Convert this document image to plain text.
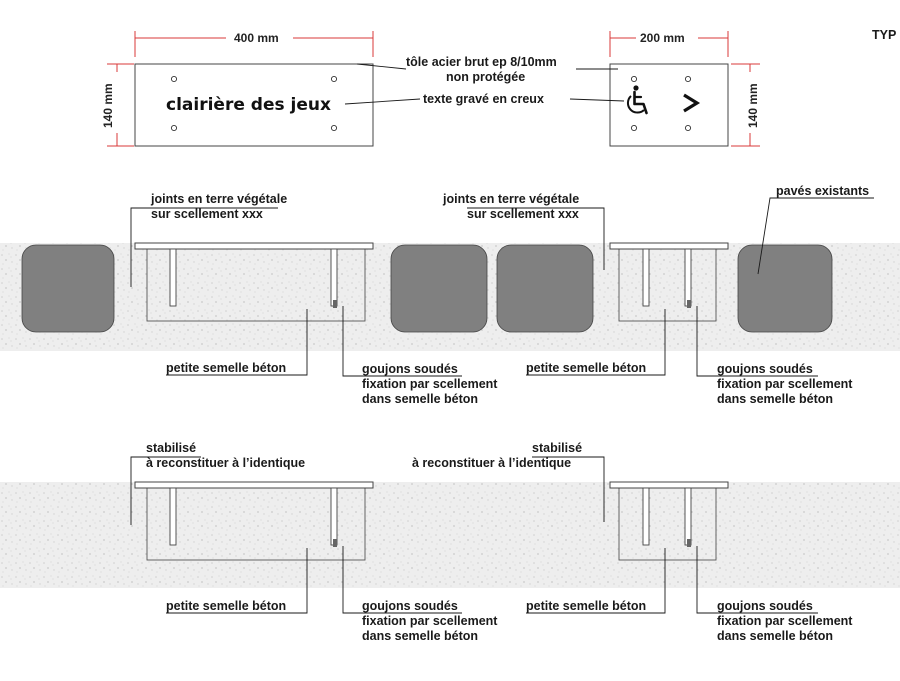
TYP
400 mm
140 mm	clairière des jeux
200 mm
140 mm
tôle acier brut ep 8/10mm
non protégée
texte gravé en creux
joints en terre végétale
sur scellement xxx
joints en terre végétale
sur scellement xxx
pavés existants
petite semelle béton	petite semelle béton
goujons soudés
fixation par scellement
dans semelle béton
goujons soudés
fixation par scellement
dans semelle béton
stabilisé
à reconstituer à l’identique
stabilisé
à reconstituer à l’identique
petite semelle béton	petite semelle béton
goujons soudés
fixation par scellement
dans semelle béton
goujons soudés
fixation par scellement
dans semelle béton
